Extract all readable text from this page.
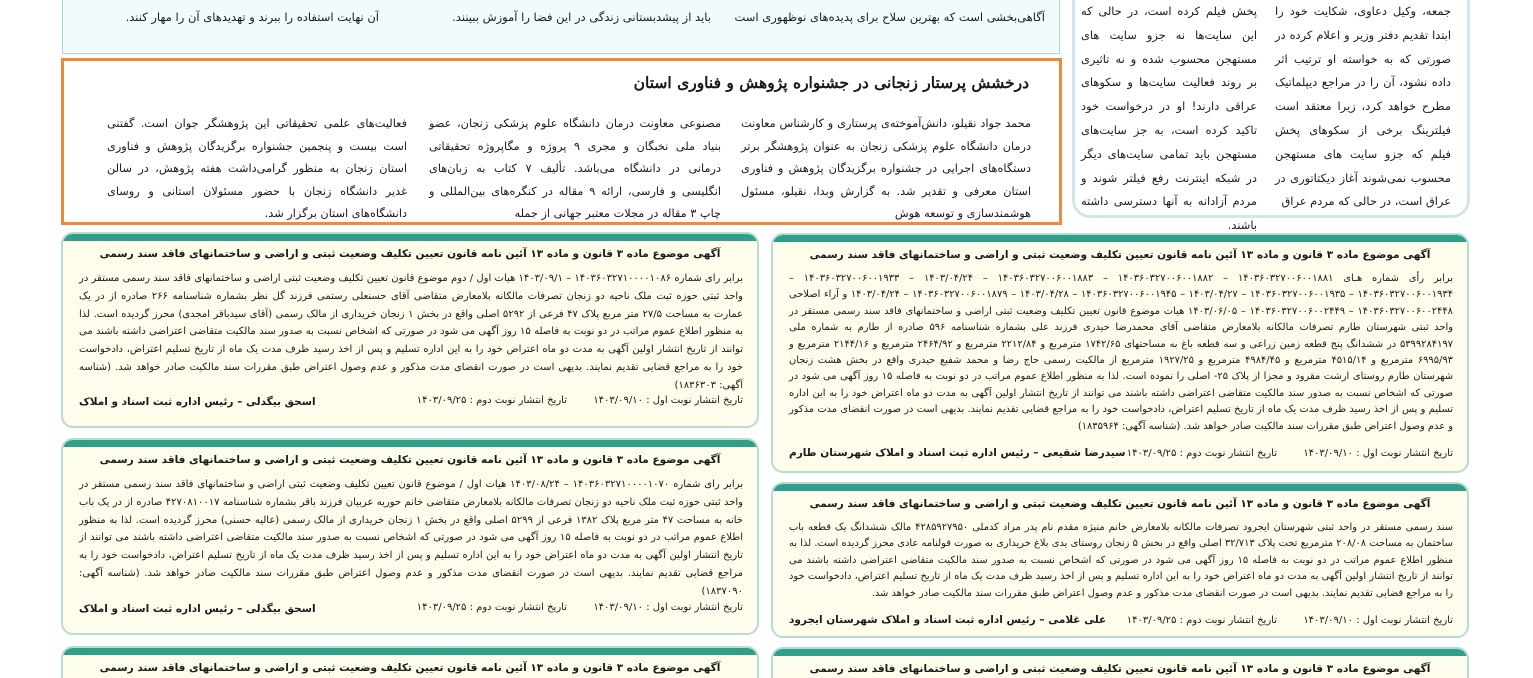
آگاهی‌بخشی است که بهترین سلاح برای پدیده‌های نوظهوری است
باید از پیشدبستانی زندگی در این فضا را آموزش ببینند.
آن نهایت استفاده را ببرند و تهدیدهای آن را مهار کنند.	جمعه، وکیل دعاوی، شکایت خود را ابتدا تقدیم دفتر وزیر و اعلام کرده در صورتی که به خواسته او ترتیب اثر داده نشود، آن را در مراجع دیپلماتیک مطرح خواهد کرد، زیرا معتقد است فیلترینگ برخی از سکوهای پخش فیلم که جزو سایت های مستهجن محسوب نمی‌شوند آغاز دیکتاتوری در عراق است، در حالی که مردم عراق
پخش فیلم کرده است، در حالی که این سایت‌ها نه جزو سایت های مستهجن محسوب شده و نه تاثیری بر روند فعالیت سایت‌ها و سکوهای عراقی دارند! او در درخواست خود تاکید کرده است، به جز سایت‌های مستهجن باید تمامی سایت‌های دیگر در شبکه اینترنت رفع فیلتر شوند و مردم آزادانه به آنها دسترسی داشته باشند.
درخشش پرستار زنجانی در جشنواره پژوهش و فناوری استان
محمد جواد نقیلو، دانش‌آموخته‌ی پرستاری و کارشناس معاونت درمان دانشگاه علوم پزشکی زنجان به عنوان پژوهشگر برتر دستگاه‌های اجرایی در جشنواره برگزیدگان پژوهش و فناوری استان معرفی و تقدیر شد. به گزارش وبدا، نقیلو، مسئول هوشمندسازی و توسعه هوش
مصنوعی معاونت درمان دانشگاه علوم پزشکی زنجان، عضو بنیاد ملی نخبگان و مجری ۹ پروژه و مگاپروژه تحقیقاتی درمانی در دانشگاه می‌باشد. تألیف ۷ کتاب به زبان‌های انگلیسی و فارسی، ارائه ۹ مقاله در کنگره‌های بین‌المللی و چاپ ۳ مقاله در مجلات معتبر جهانی از جمله
فعالیت‌های علمی تحقیقاتی این پژوهشگر جوان است. گفتنی است بیست و پنجمین جشنواره برگزیدگان پژوهش و فناوری استان زنجان به منظور گرامی‌داشت هفته پژوهش، در سالن غدیر دانشگاه زنجان با حضور مسئولان استانی و روسای دانشگاه‌های استان برگزار شد.
آگهی موضوع ماده ۳ قانون و ماده ۱۳ آئین نامه قانون تعیین تکلیف وضعیت ثبتی و اراضی و ساختمانهای فاقد سند رسمی
برابر رأی شماره هـای ۱۴۰۳۶۰۳۲۷۰۰۶۰۰۱۸۸۱ – ۱۴۰۳۶۰۳۲۷۰۰۶۰۰۱۸۸۲ – ۱۴۰۳۶۰۳۲۷۰۰۶۰۰۱۸۸۳ – ۱۴۰۳/۰۴/۲۴ – ۱۴۰۳۶۰۳۲۷۰۰۶۰۰۱۹۳۳ – ۱۴۰۳۶۰۳۲۷۰۰۶۰۰۱۹۳۴ – ۱۴۰۳۶۰۳۲۷۰۰۶۰۰۱۹۳۵ – ۱۴۰۳/۰۴/۲۷ – ۱۴۰۳۶۰۳۲۷۰۰۶۰۰۱۹۴۵ – ۱۴۰۳/۰۴/۲۸ – ۱۴۰۳۶۰۳۲۷۰۰۶۰۰۱۸۷۹ – ۱۴۰۳/۰۴/۲۴ و آراء اصلاحی ۱۴۰۳۶۰۳۲۷۰۰۶۰۰۲۴۴۸ – ۱۴۰۳۶۰۳۲۷۰۰۶۰۰۲۴۴۹ – ۱۴۰۳/۰۶/۰۵ هیات موضوع قانون تعیین تکلیف وضعیت ثبتی اراضی و ساختمانهای فاقد سند رسمی مستقر در واحد ثبتی شهرستان طارم تصرفات مالکانه بلامعارض متقاضی آقای محمدرضا حیدری فرزند علی بشماره شناسنامه ۵۹۶ صادره از طارم به شماره ملی ۵۳۹۹۲۸۴۱۹۷ در ششدانگ پنج قطعه زمین زراعی و سه قطعه باغ به مساحتهای ۱۷۴۲/۶۵ مترمربع و ۲۲۱۲/۸۴ مترمربع و ۲۴۶۴/۹۲ مترمربع و ۲۱۴۴/۱۶ مترمربع و ۶۹۹۵/۹۳ مترمربع و ۴۵۱۵/۱۴ مترمربع و ۴۹۸۴/۴۵ مترمربع و ۱۹۲۷/۲۵ مترمربع از مالکیت رسمی حاج رضا و محمد شفیع حیدری واقع در بخش هشت زنجان شهرستان طارم روستای ارشت مقرود و مجزا از پلاک ۲۵- اصلی را نموده است. لذا به منظور اطلاع عموم مراتب در دو نوبت به فاصله ۱۵ روز آگهی می شود در صورتی که اشخاص نسبت به صدور سند مالکیت متقاضی اعتراضی داشته باشند می توانند از تاریخ انتشار اولین آگهی به مدت دو ماه اعتراض خود را به این اداره تسلیم و پس از اخذ رسید ظرف مدت یک ماه از تاریخ تسلیم اعتراض، دادخواست خود را به مراجع قضایی تقدیم نمایند. بدیهی است در صورت انقضای مدت مذکور و عدم وصول اعتراض طبق مقررات سند مالکیت صادر خواهد شد. (شناسه آگهی: ۱۸۳۵۹۶۴)
تاریخ انتشار نوبت اول : ۱۴۰۳/۰۹/۱۰
تاریخ انتشار نوبت دوم : ۱۴۰۳/۰۹/۲۵
سیدرضا شقیعی – رئیس اداره ثبت اسناد و املاک شهرستان طارم
آگهی موضوع ماده ۳ قانون و ماده ۱۳ آئین نامه قانون تعیین تکلیف وضعیت ثبتی و اراضی و ساختمانهای فاقد سند رسمی
برابر رای شماره ۱۴۰۳۶۰۳۲۷۱۰۰۰۰۱۰۸۶ – ۱۴۰۳/۰۹/۱ هیات اول / دوم موضوع قانون تعیین تکلیف وضعیت ثبتی اراضی و ساختمانهای فاقد سند رسمی مستقر در واحد ثبتی حوزه ثبت ملک ناحیه دو زنجان تصرفات مالکانه بلامعارض متقاضی آقای حسنعلی رستمی فرزند گل نظر بشماره شناسنامه ۲۶۶ صادره از در یک عمارت به مساحت ۲۷/۵ متر مربع پلاک ۴۷ فرعی از ۵۲۹۲ اصلی واقع در بخش ۱ زنجان خریداری از مالک رسمی (آقای سیدباقر امجدی) محرز گردیده است. لذا به منظور اطلاع عموم مراتب در دو نوبت به فاصله ۱۵ روز آگهی می شود در صورتی که اشخاص نسبت به صدور سند مالکیت متقاضی اعتراضی داشته باشند می توانند از تاریخ انتشار اولین آگهی به مدت دو ماه اعتراض خود را به این اداره تسلیم و پس از اخذ رسید ظرف مدت یک ماه از تاریخ تسلیم اعتراض، دادخواست خود را به مراجع قضایی تقدیم نمایند. بدیهی است در صورت انقضای مدت مذکور و عدم وصول اعتراض طبق مقررات سند مالکیت صادر خواهد شد. (شناسه آگهی: ۱۸۳۶۳۰۳)
تاریخ انتشار نوبت اول : ۱۴۰۳/۰۹/۱۰
تاریخ انتشار نوبت دوم : ۱۴۰۳/۰۹/۲۵
اسحق بیگدلی – رئیس اداره ثبت اسناد و املاک
آگهی موضوع ماده ۳ قانون و ماده ۱۳ آئین نامه قانون تعیین تکلیف وضعیت ثبتی و اراضی و ساختمانهای فاقد سند رسمی
سند رسمی مستقر در واحد ثبتی شهرستان ایجرود تصرفات مالکانه بلامعارض خانم منیژه مقدم نام پدر مراد کدملی ۴۲۸۵۹۲۷۹۵۰ مالک ششدانگ یک قطعه باب ساختمان به مساحت ۲۰۸/۰۸ مترمربع تحت پلاک ۳۲/۷۱۳ اصلی واقع در بخش ۵ زنجان روستای یدی بلاغ خریداری به صورت قولنامه عادی محرز گردیده است. لذا به منظور اطلاع عموم مراتب در دو نوبت به فاصله ۱۵ روز آگهی می شود در صورتی که اشخاص نسبت به صدور سند مالکیت متقاضی اعتراضی داشته باشند می توانند از تاریخ انتشار اولین آگهی به مدت دو ماه اعتراض خود را به این اداره تسلیم و پس از اخذ رسید ظرف مدت یک ماه از تاریخ تسلیم اعتراض، دادخواست خود را به مراجع قضایی تقدیم نمایند. بدیهی است در صورت انقضای مدت مذکور و عدم وصول اعتراض طبق مقررات سند مالکیت صادر خواهد شد.
تاریخ انتشار نوبت اول : ۱۴۰۳/۰۹/۱۰
تاریخ انتشار نوبت دوم : ۱۴۰۳/۰۹/۲۵
علی غلامی – رئیس اداره ثبت اسناد و املاک شهرستان ایجرود
آگهی موضوع ماده ۳ قانون و ماده ۱۳ آئین نامه قانون تعیین تکلیف وضعیت ثبتی و اراضی و ساختمانهای فاقد سند رسمی
برابر رای شماره ۱۴۰۳۶۰۳۲۷۱۰۰۰۰۱۰۷۰ – ۱۴۰۳/۰۸/۲۴ هیات اول / موضوع قانون تعیین تکلیف وضعیت ثبتی اراضی و ساختمانهای فاقد سند رسمی مستقر در واحد ثبتی حوزه ثبت ملک ناحیه دو زنجان تصرفات مالکانه بلامعارض متقاضی خانم حوریه عربیان فرزند باقر بشماره شناسنامه ۴۲۷۰۸۱۰۰۱۷ صادره از در یک باب خانه به مساحت ۴۷ متر مربع پلاک ۱۳۸۲ فرعی از ۵۲۹۹ اصلی واقع در بخش ۱ زنجان خریداری از مالک رسمی (عالیه حسنی) محرز گردیده است. لذا به منظور اطلاع عموم مراتب در دو نوبت به فاصله ۱۵ روز آگهی می شود در صورتی که اشخاص نسبت به صدور سند مالکیت متقاضی اعتراضی داشته باشند می توانند از تاریخ انتشار اولین آگهی به مدت دو ماه اعتراض خود را به این اداره تسلیم و پس از اخذ رسید ظرف مدت یک ماه از تاریخ تسلیم اعتراض، دادخواست خود را به مراجع قضایی تقدیم نمایند. بدیهی است در صورت انقضای مدت مذکور و عدم وصول اعتراض طبق مقررات سند مالکیت صادر خواهد شد. (شناسه آگهی: ۱۸۳۷۰۹۰)
تاریخ انتشار نوبت اول : ۱۴۰۳/۰۹/۱۰
تاریخ انتشار نوبت دوم : ۱۴۰۳/۰۹/۲۵
اسحق بیگدلی – رئیس اداره ثبت اسناد و املاک
آگهی موضوع ماده ۳ قانون و ماده ۱۳ آئین نامه قانون تعیین تکلیف وضعیت ثبتی و اراضی و ساختمانهای فاقد سند رسمی	آگهی موضوع ماده ۳ قانون و ماده ۱۳ آئین نامه قانون تعیین تکلیف وضعیت ثبتی و اراضی و ساختمانهای فاقد سند رسمی
